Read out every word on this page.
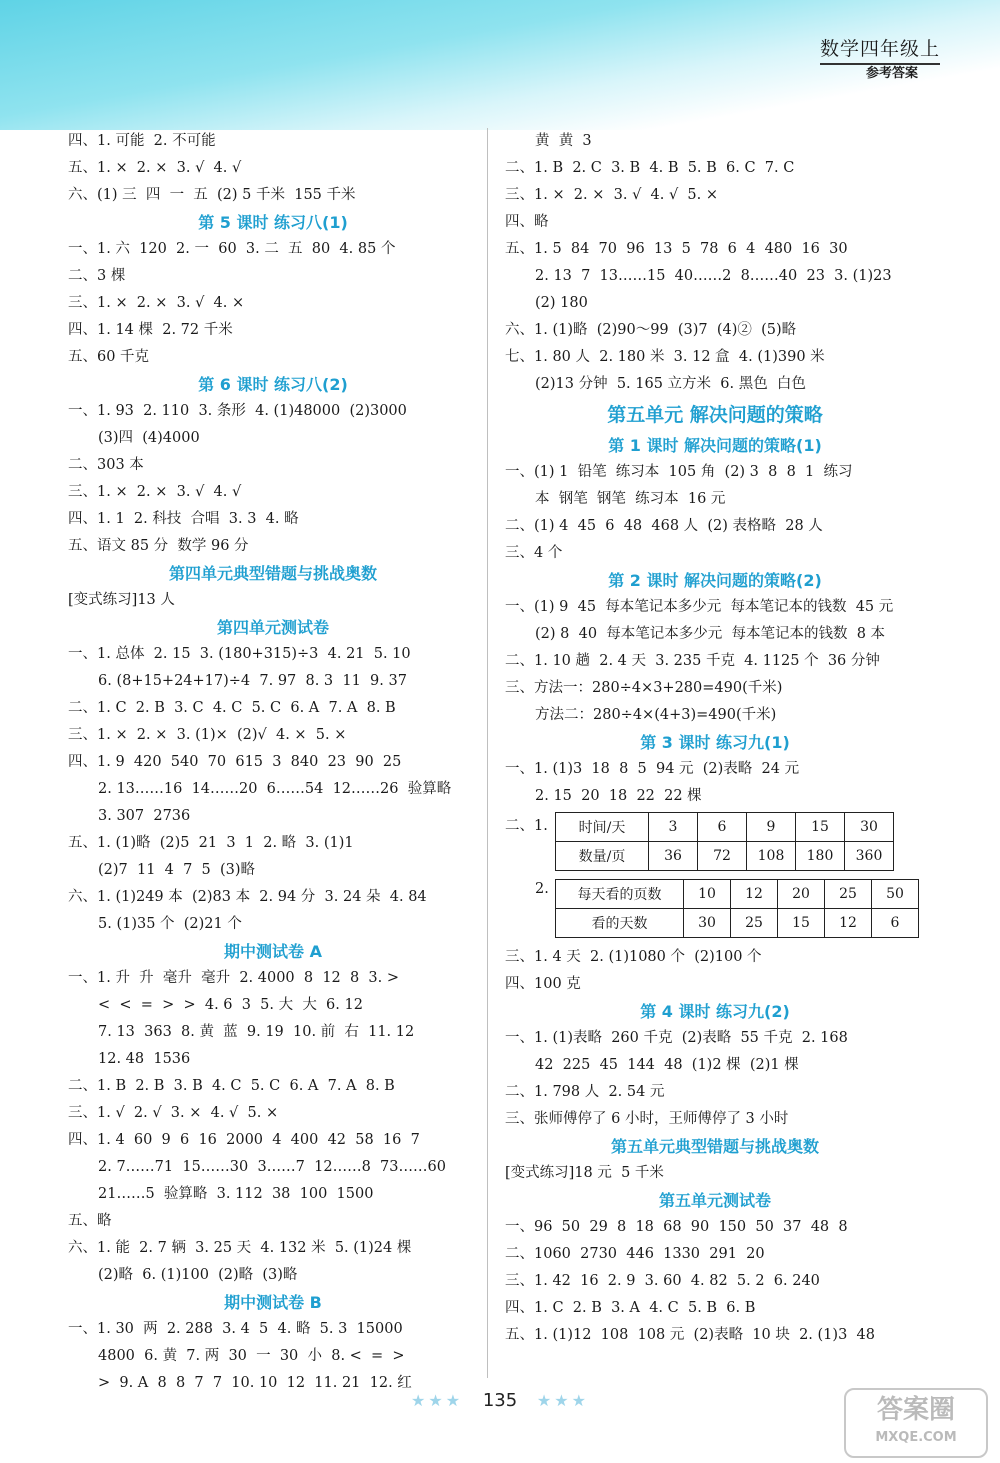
数学四年级上
参考答案
四、1. 可能  2. 不可能
五、1. ×  2. ×  3. √  4. √
六、(1) 三  四  一  五  (2) 5 千米  155 千米
第 5 课时 练习八(1)
一、1. 六  120  2. 一  60  3. 二  五  80  4. 85 个
二、3 棵
三、1. ×  2. ×  3. √  4. ×
四、1. 14 棵  2. 72 千米
五、60 千克
第 6 课时 练习八(2)
一、1. 93  2. 110  3. 条形  4. (1)48000  (2)3000
(3)四  (4)4000
二、303 本
三、1. ×  2. ×  3. √  4. √
四、1. 1  2. 科技  合唱  3. 3  4. 略
五、语文 85 分  数学 96 分
第四单元典型错题与挑战奥数
[变式练习]13 人
第四单元测试卷
一、1. 总体  2. 15  3. (180+315)÷3  4. 21  5. 10
6. (8+15+24+17)÷4  7. 97  8. 3  11  9. 37
二、1. C  2. B  3. C  4. C  5. C  6. A  7. A  8. B
三、1. ×  2. ×  3. (1)×  (2)√  4. ×  5. ×
四、1. 9  420  540  70  615  3  840  23  90  25
2. 13……16  14……20  6……54  12……26  验算略
3. 307  2736
五、1. (1)略  (2)5  21  3  1  2. 略  3. (1)1
(2)7  11  4  7  5  (3)略
六、1. (1)249 本  (2)83 本  2. 94 分  3. 24 朵  4. 84
5. (1)35 个  (2)21 个
期中测试卷 A
一、1. 升  升  毫升  毫升  2. 4000  8  12  8  3. >
<  <  =  >  >  4. 6  3  5. 大  大  6. 12
7. 13  363  8. 黄  蓝  9. 19  10. 前  右  11. 12
12. 48  1536
二、1. B  2. B  3. B  4. C  5. C  6. A  7. A  8. B
三、1. √  2. √  3. ×  4. √  5. ×
四、1. 4  60  9  6  16  2000  4  400  42  58  16  7
2. 7……71  15……30  3……7  12……8  73……60
21……5  验算略  3. 112  38  100  1500
五、略
六、1. 能  2. 7 辆  3. 25 天  4. 132 米  5. (1)24 棵
(2)略  6. (1)100  (2)略  (3)略
期中测试卷 B
一、1. 30  两  2. 288  3. 4  5  4. 略  5. 3  15000
4800  6. 黄  7. 两  30  一  30  小  8. <  =  >
>  9. A  8  8  7  7  10. 10  12  11. 21  12. 红
黄  黄  3
二、1. B  2. C  3. B  4. B  5. B  6. C  7. C
三、1. ×  2. ×  3. √  4. √  5. ×
四、略
五、1. 5  84  70  96  13  5  78  6  4  480  16  30
2. 13  7  13……15  40……2  8……40  23  3. (1)23
(2) 180
六、1. (1)略  (2)90～99  (3)7  (4)②  (5)略
七、1. 80 人  2. 180 米  3. 12 盒  4. (1)390 米
(2)13 分钟  5. 165 立方米  6. 黑色  白色
第五单元 解决问题的策略
第 1 课时 解决问题的策略(1)
一、(1) 1  铅笔  练习本  105 角  (2) 3  8  8  1  练习
本  钢笔  钢笔  练习本  16 元
二、(1) 4  45  6  48  468 人  (2) 表格略  28 人
三、4 个
第 2 课时 解决问题的策略(2)
一、(1) 9  45  每本笔记本多少元  每本笔记本的钱数  45 元
(2) 8  40  每本笔记本多少元  每本笔记本的钱数  8 本
二、1. 10 趟  2. 4 天  3. 235 千克  4. 1125 个  36 分钟
三、方法一：280÷4×3+280=490(千米)
方法二：280÷4×(4+3)=490(千米)
第 3 课时 练习九(1)
一、1. (1)3  18  8  5  94 元  (2)表略  24 元
2. 15  20  18  22  22 棵
二、1.	时间/天	3	6	9	15	30
数量/页	36	72	108	180	360
2.	每天看的页数	10	12	20	25	50
看的天数	30	25	15	12	6
三、1. 4 天  2. (1)1080 个  (2)100 个
四、100 克
第 4 课时 练习九(2)
一、1. (1)表略  260 千克  (2)表略  55 千克  2. 168
42  225  45  144  48  (1)2 棵  (2)1 棵
二、1. 798 人  2. 54 元
三、张师傅停了 6 小时，王师傅停了 3 小时
第五单元典型错题与挑战奥数
[变式练习]18 元  5 千米
第五单元测试卷
一、96  50  29  8  18  68  90  150  50  37  48  8
二、1060  2730  446  1330  291  20
三、1. 42  16  2. 9  3. 60  4. 82  5. 2  6. 240
四、1. C  2. B  3. A  4. C  5. B  6. B
五、1. (1)12  108  108 元  (2)表略  10 块  2. (1)3  48
★★★ 135 ★★★	答案圈
MXQE.COM
